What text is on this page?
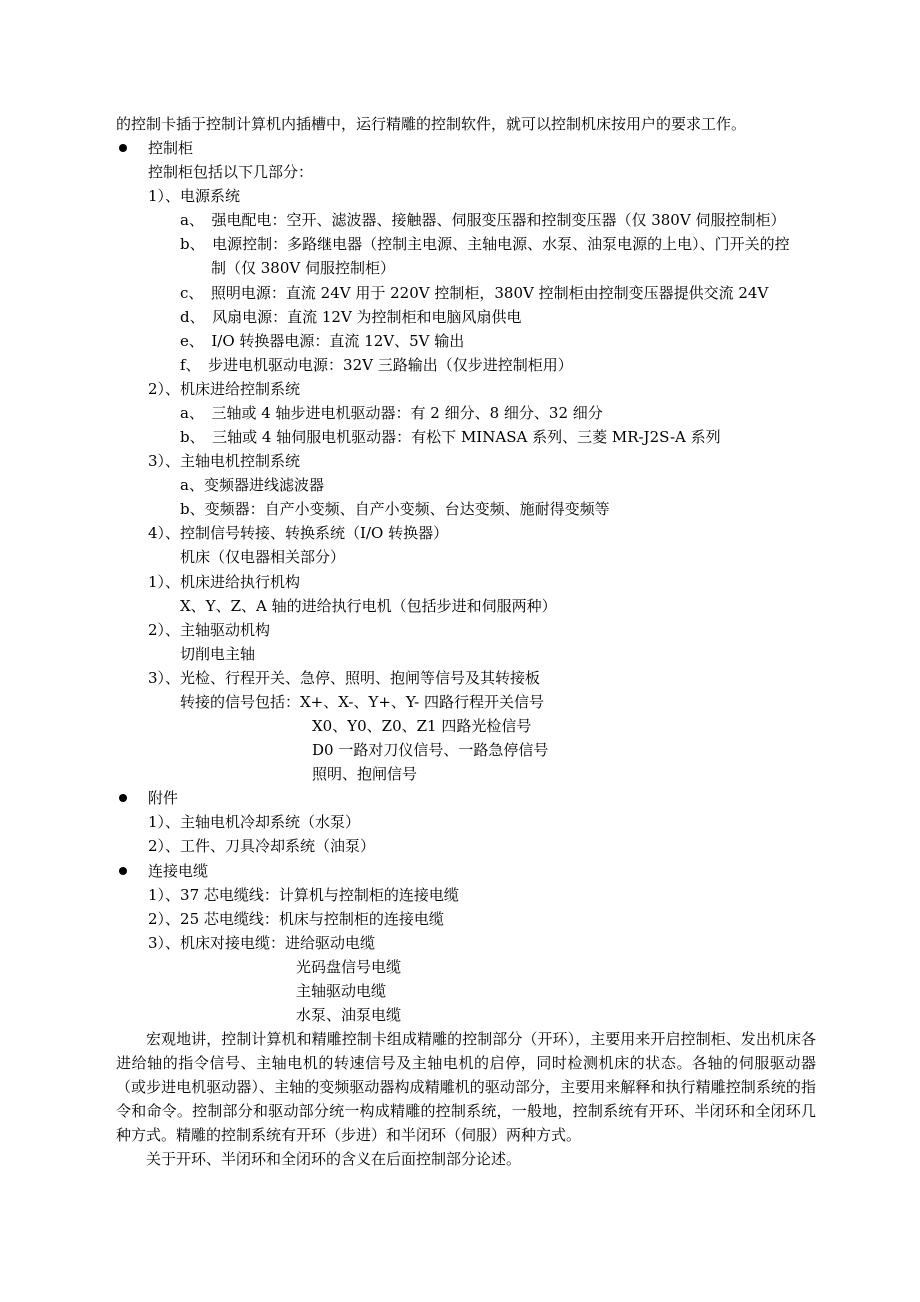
的控制卡插于控制计算机内插槽中，运行精雕的控制软件，就可以控制机床按用户的要求工作。
控制柜
控制柜包括以下几部分：
1）、电源系统
a、　强电配电：空开、滤波器、接触器、伺服变压器和控制变压器（仅 380V 伺服控制柜）
b、　电源控制：多路继电器（控制主电源、主轴电源、水泵、油泵电源的上电）、门开关的控
制（仅 380V 伺服控制柜）
c、　照明电源：直流 24V 用于 220V 控制柜，380V 控制柜由控制变压器提供交流 24V
d、　风扇电源：直流 12V 为控制柜和电脑风扇供电
e、　I/O 转换器电源：直流 12V、5V 输出
f、　步进电机驱动电源：32V 三路输出（仅步进控制柜用）
2）、机床进给控制系统
a、　三轴或 4 轴步进电机驱动器：有 2 细分、8 细分、32 细分
b、　三轴或 4 轴伺服电机驱动器：有松下 MINASA 系列、三菱 MR-J2S-A 系列
3）、主轴电机控制系统
a、变频器进线滤波器
b、变频器：自产小变频、自产小变频、台达变频、施耐得变频等
4）、控制信号转接、转换系统（I/O 转换器）
机床（仅电器相关部分）
1）、机床进给执行机构
X、Y、Z、A 轴的进给执行电机（包括步进和伺服两种）
2）、主轴驱动机构
切削电主轴
3）、光检、行程开关、急停、照明、抱闸等信号及其转接板
转接的信号包括：X+、X-、Y+、Y- 四路行程开关信号
X0、Y0、Z0、Z1 四路光检信号
D0 一路对刀仪信号、一路急停信号
照明、抱闸信号
附件
1）、主轴电机冷却系统（水泵）
2）、工件、刀具冷却系统（油泵）
连接电缆
1）、37 芯电缆线：计算机与控制柜的连接电缆
2）、25 芯电缆线：机床与控制柜的连接电缆
3）、机床对接电缆：进给驱动电缆
光码盘信号电缆
主轴驱动电缆
水泵、油泵电缆
宏观地讲，控制计算机和精雕控制卡组成精雕的控制部分（开环），主要用来开启控制柜、发出机床各进给轴的指令信号、主轴电机的转速信号及主轴电机的启停，同时检测机床的状态。各轴的伺服驱动器（或步进电机驱动器）、主轴的变频驱动器构成精雕机的驱动部分，主要用来解释和执行精雕控制系统的指令和命令。控制部分和驱动部分统一构成精雕的控制系统，一般地，控制系统有开环、半闭环和全闭环几种方式。精雕的控制系统有开环（步进）和半闭环（伺服）两种方式。
关于开环、半闭环和全闭环的含义在后面控制部分论述。
